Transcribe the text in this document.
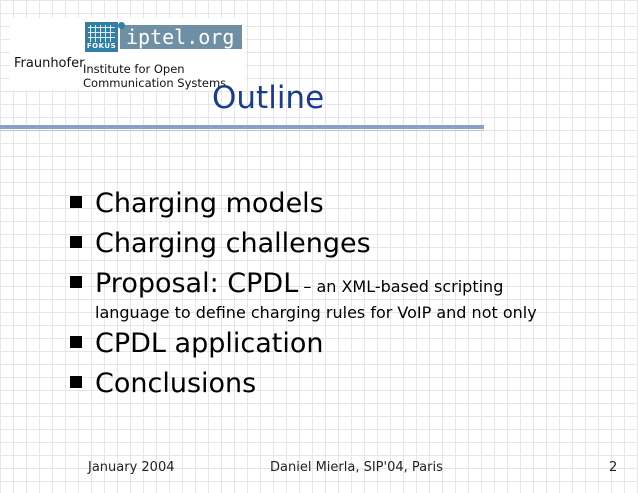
FOKUS iptel.org
Fraunhofer
Institute for Open
Communication Systems
Outline
Charging models
Charging challenges
Proposal: CPDL – an XML-based scripting
language to define charging rules for VoIP and not only
CPDL application
Conclusions
January 2004	Daniel Mierla, SIP'04, Paris	2
